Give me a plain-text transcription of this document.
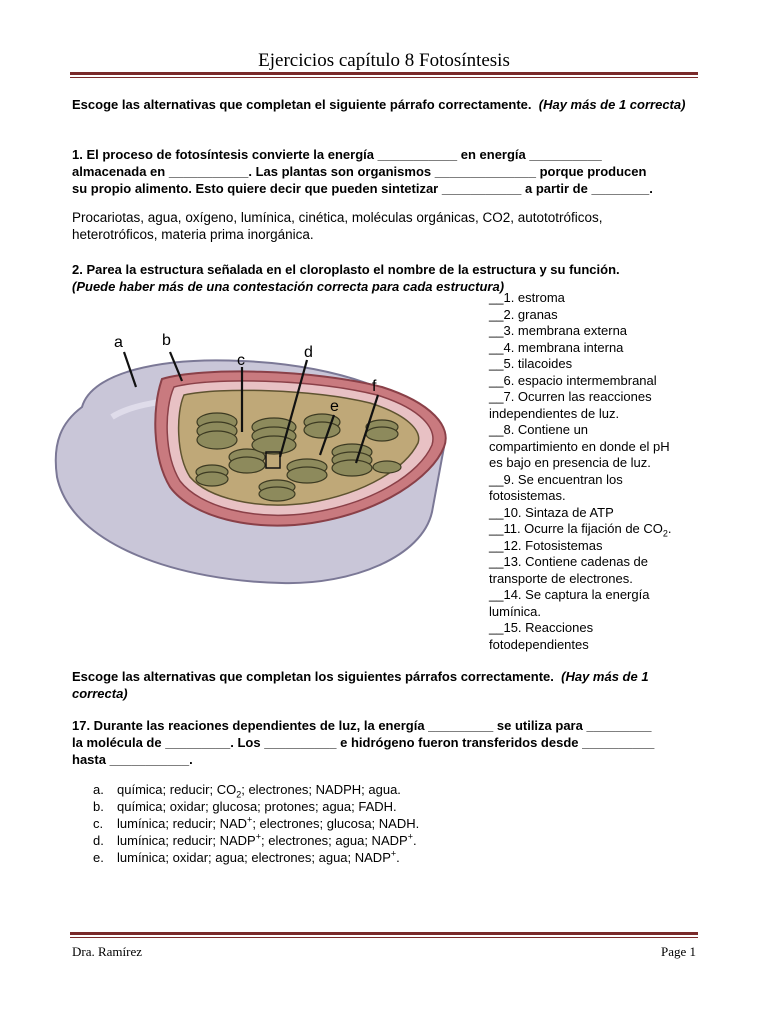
Ejercicios capítulo 8 Fotosíntesis
Escoge las alternativas que completan el siguiente párrafo correctamente. (Hay más de 1 correcta)
1. El proceso de fotosíntesis convierte la energía ___________ en energía __________
almacenada en ___________. Las plantas son organismos ______________ porque producen
su propio alimento. Esto quiere decir que pueden sintetizar ___________ a partir de ________.
Procariotas, agua, oxígeno, lumínica, cinética, moléculas orgánicas, CO2, autototróficos,
heterotróficos, materia prima inorgánica.
2. Parea la estructura señalada en el cloroplasto el nombre de la estructura y su función.
(Puede haber más de una contestación correcta para cada estructura)
a b
c	d
e
f
__1. estroma
__2. granas
__3. membrana externa
__4. membrana interna
__5. tilacoides
__6. espacio intermembranal
__7. Ocurren las reacciones
independientes de luz.
__8. Contiene un
compartimiento en donde el pH
es bajo en presencia de luz.
__9. Se encuentran los
fotosistemas.
__10. Sintaza de ATP
__11. Ocurre la fijación de $CO_2$.
__12. Fotosistemas
__13. Contiene cadenas de
transporte de electrones.
__14. Se captura la energía
lumínica.
__15. Reacciones
fotodependientes
Escoge las alternativas que completan los siguientes párrafos correctamente. (Hay más de 1 correcta)
17. Durante las reaciones dependientes de luz, la energía _________ se utiliza para _________
la molécula de _________. Los __________ e hidrógeno fueron transferidos desde __________
hasta ___________.
a. química; reducir; $CO_2$; electrones; NADPH; agua.
b. química; oxidar; glucosa; protones; agua; FADH.
c. lumínica; reducir; NAD+; electrones; glucosa; NADH.
d. lumínica; reducir; NADP+; electrones; agua; NADP+.
e. lumínica; oxidar; agua; electrones; agua; NADP+.
Dra. Ramírez	Page 1
